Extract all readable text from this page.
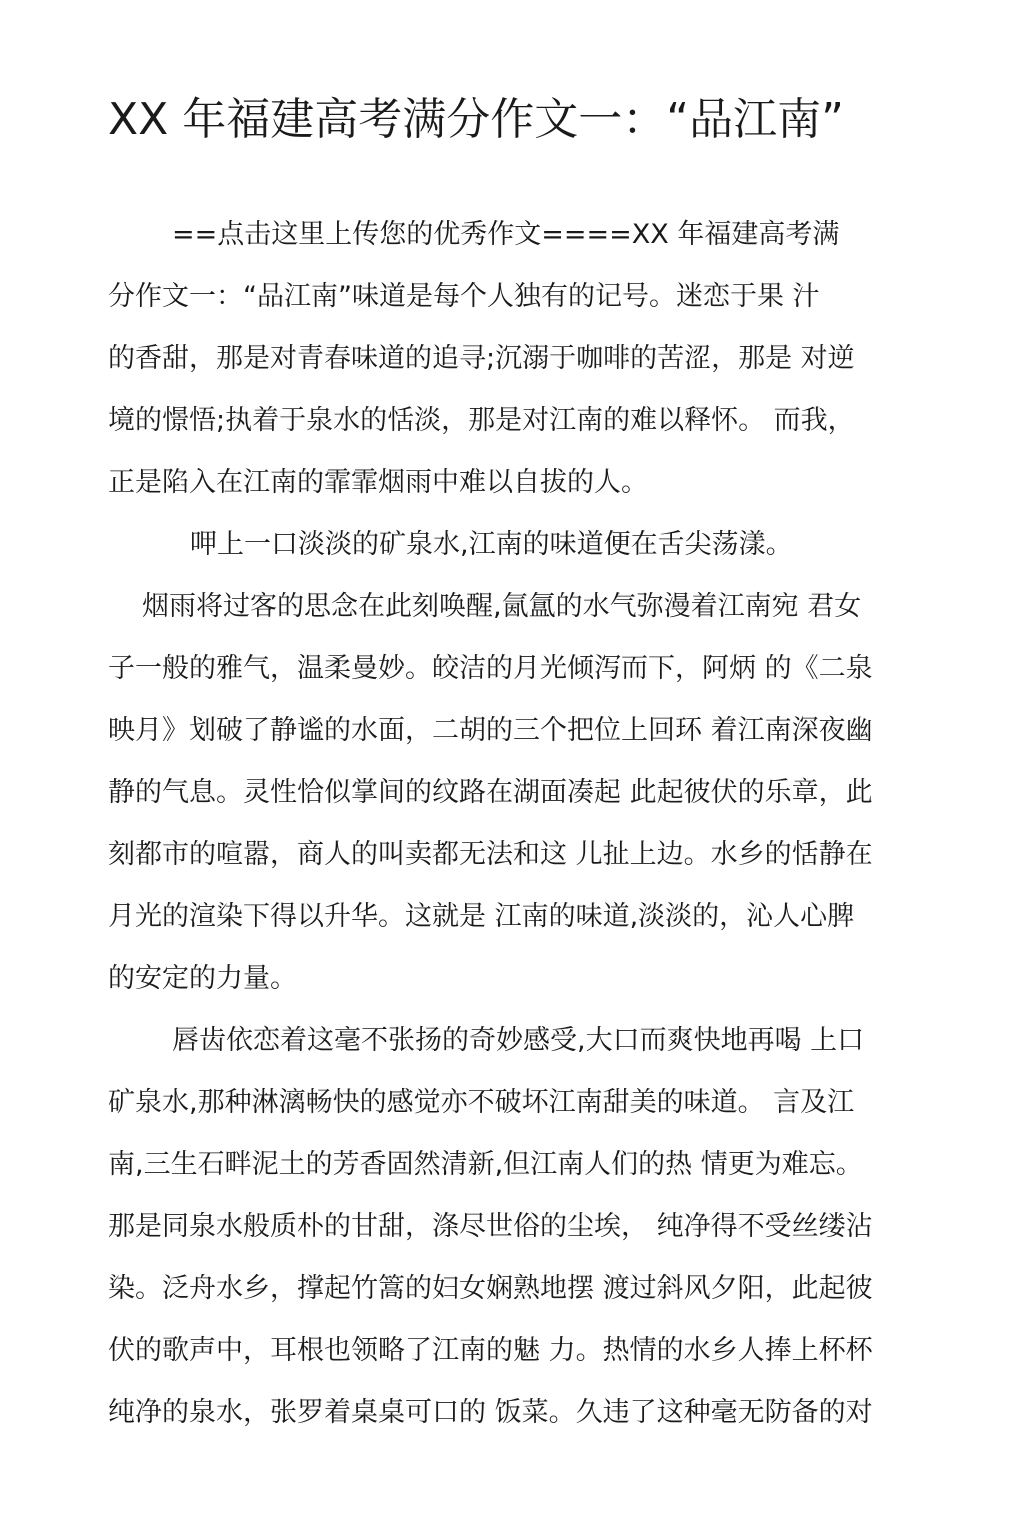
XX 年福建高考满分作文一：“品江南”
==点击这里上传您的优秀作文====XX 年福建高考满
分作文一：“品江南”味道是每个人独有的记号。迷恋于果 汁
的香甜，那是对青春味道的追寻;沉溺于咖啡的苦涩，那是 对逆
境的憬悟;执着于泉水的恬淡，那是对江南的难以释怀。 而我，
正是陷入在江南的霏霏烟雨中难以自拔的人。
呷上一口淡淡的矿泉水,江南的味道便在舌尖荡漾。
烟雨将过客的思念在此刻唤醒,氤氲的水气弥漫着江南宛 君女
子一般的雅气，温柔曼妙。皎洁的月光倾泻而下，阿炳 的《二泉
映月》划破了静谧的水面，二胡的三个把位上回环 着江南深夜幽
静的气息。灵性恰似掌间的纹路在湖面凑起 此起彼伏的乐章，此
刻都市的喧嚣，商人的叫卖都无法和这 儿扯上边。水乡的恬静在
月光的渲染下得以升华。这就是 江南的味道,淡淡的，沁人心脾
的安定的力量。
唇齿依恋着这毫不张扬的奇妙感受,大口而爽快地再喝 上口
矿泉水,那种淋漓畅快的感觉亦不破坏江南甜美的味道。 言及江
南,三生石畔泥土的芳香固然清新,但江南人们的热 情更为难忘。
那是同泉水般质朴的甘甜，涤尽世俗的尘埃， 纯净得不受丝缕沾
染。泛舟水乡，撑起竹篙的妇女娴熟地摆 渡过斜风夕阳，此起彼
伏的歌声中，耳根也领略了江南的魅 力。热情的水乡人捧上杯杯
纯净的泉水，张罗着桌桌可口的 饭菜。久违了这种毫无防备的对
